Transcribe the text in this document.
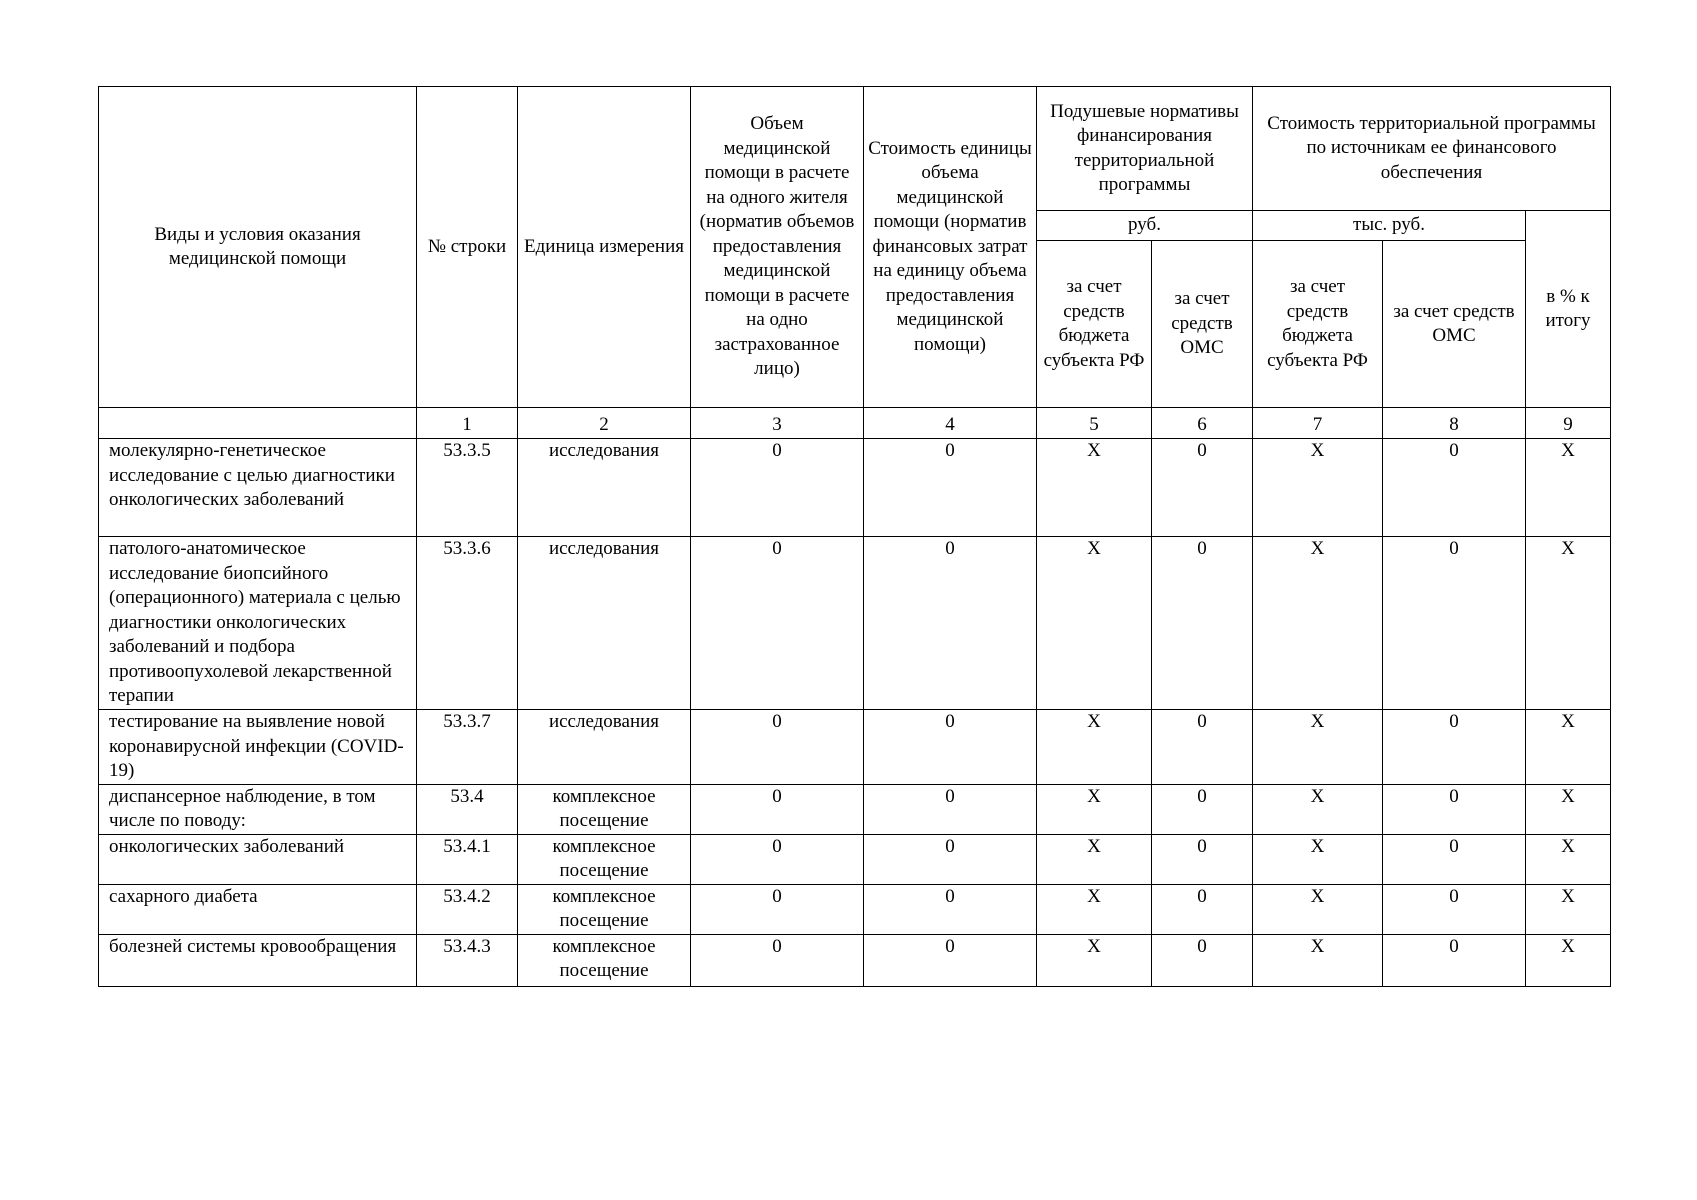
Виды и условия оказания медицинской помощи	№ строки	Единица измерения	Объем медицинской помощи в расчете на одного жителя (норматив объемов предоставления медицинской помощи в расчете на одно застрахованное лицо)	Стоимость единицы объема медицинской помощи (норматив финансовых затрат на единицу объема предоставления медицинской помощи)	Подушевые нормативы финансирования территориальной программы		Стоимость территориальной программы по источникам ее финансового обеспечения		
					руб.		тыс. руб.		в % к итогу
					за счет средств бюджета субъекта РФ	за счет средств ОМС	за счет средств бюджета субъекта РФ	за счет средств ОМС	
	1	2	3	4	5	6	7	8	9
молекулярно-генетическое исследование с целью диагностики онкологических заболеваний	53.3.5	исследования	0	0	X	0	X	0	X
патолого-анатомическое исследование биопсийного (операционного) материала с целью диагностики онкологических заболеваний и подбора противоопухолевой лекарственной терапии	53.3.6	исследования	0	0	X	0	X	0	X
тестирование на выявление новой коронавирусной инфекции (COVID-19)	53.3.7	исследования	0	0	X	0	X	0	X
диспансерное наблюдение, в том числе по поводу:	53.4	комплексное посещение	0	0	X	0	X	0	X
онкологических заболеваний	53.4.1	комплексное посещение	0	0	X	0	X	0	X
сахарного диабета	53.4.2	комплексное посещение	0	0	X	0	X	0	X
болезней системы кровообращения	53.4.3	комплексное посещение	0	0	X	0	X	0	X
